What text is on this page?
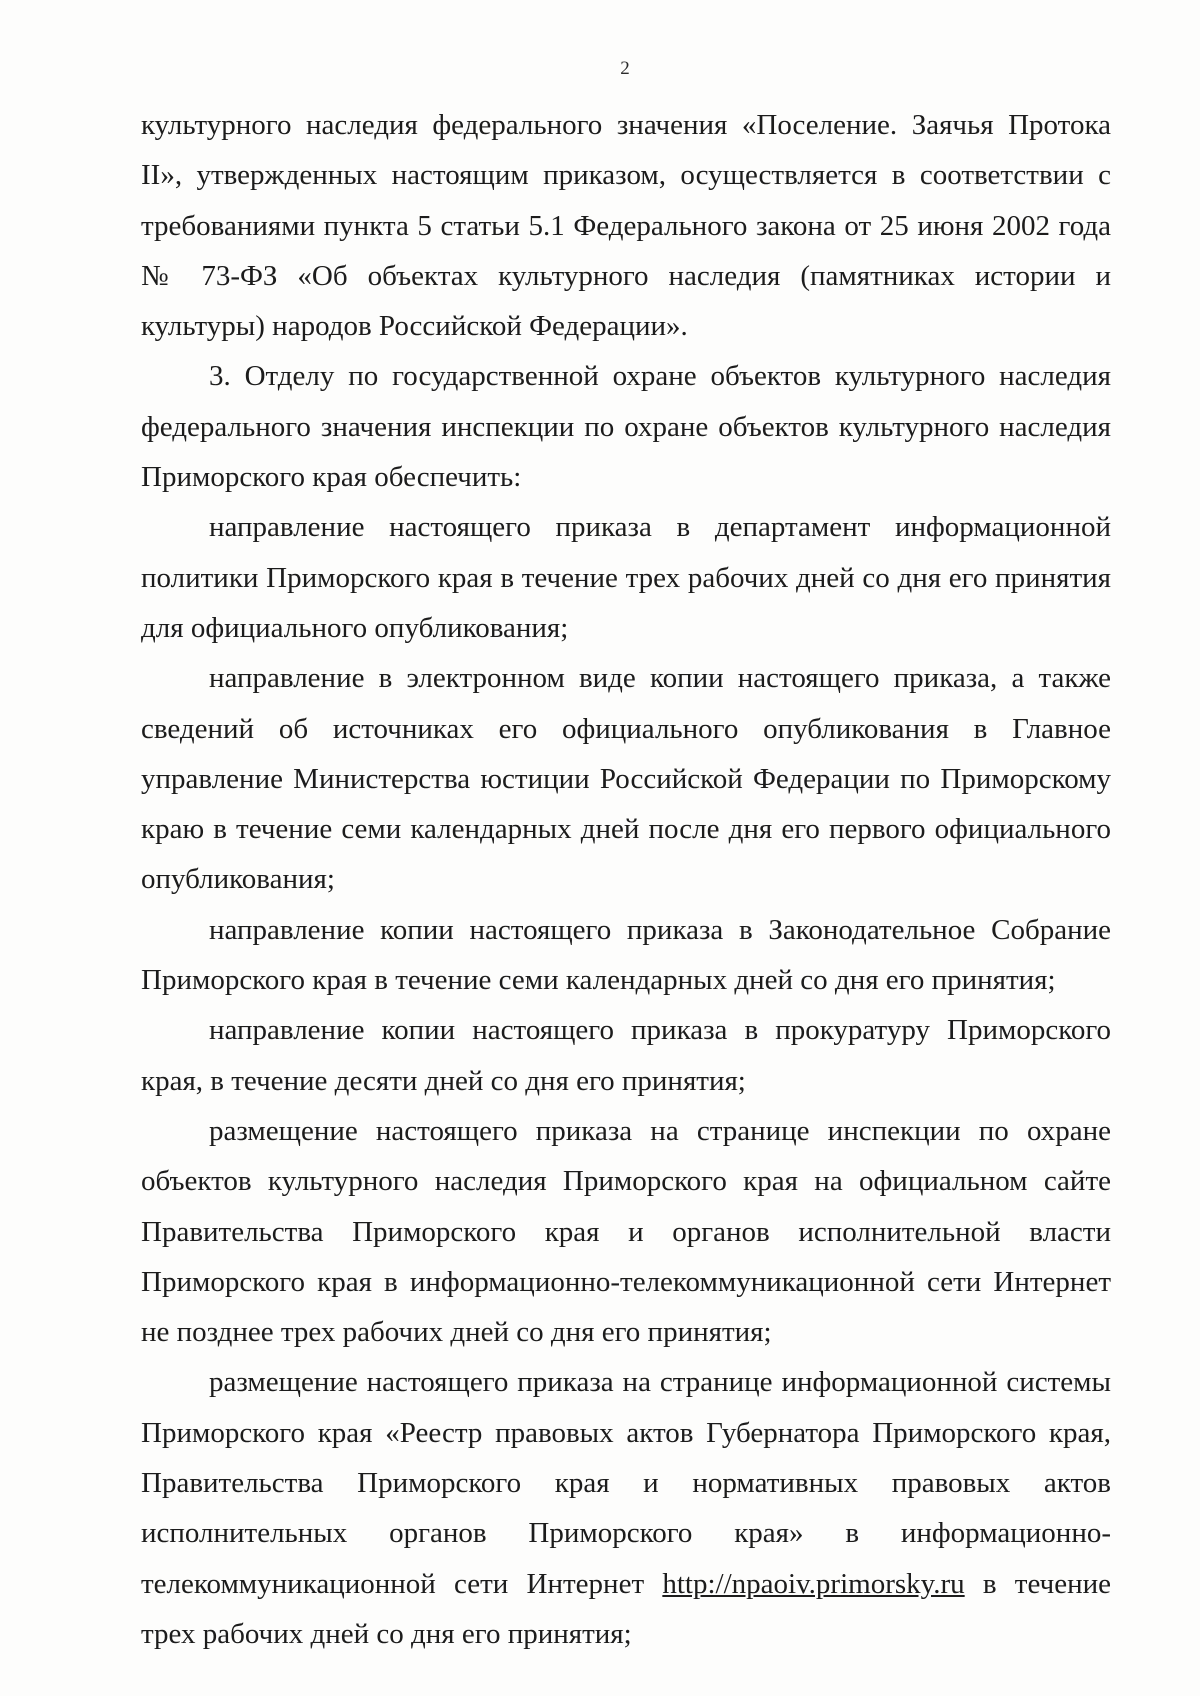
2

культурного наследия федерального значения «Поселение. Заячья Протока II», утвержденных настоящим приказом, осуществляется в соответствии с требованиями пункта 5 статьи 5.1 Федерального закона от 25 июня 2002 года № 73-ФЗ «Об объектах культурного наследия (памятниках истории и культуры) народов Российской Федерации».

3. Отделу по государственной охране объектов культурного наследия федерального значения инспекции по охране объектов культурного наследия Приморского края обеспечить:

направление настоящего приказа в департамент информационной политики Приморского края в течение трех рабочих дней со дня его принятия для официального опубликования;

направление в электронном виде копии настоящего приказа, а также сведений об источниках его официального опубликования в Главное управление Министерства юстиции Российской Федерации по Приморскому краю в течение семи календарных дней после дня его первого официального опубликования;

направление копии настоящего приказа в Законодательное Собрание Приморского края в течение семи календарных дней со дня его принятия;

направление копии настоящего приказа в прокуратуру Приморского края, в течение десяти дней со дня его принятия;

размещение настоящего приказа на странице инспекции по охране объектов культурного наследия Приморского края на официальном сайте Правительства Приморского края и органов исполнительной власти Приморского края в информационно-телекоммуникационной сети Интернет не позднее трех рабочих дней со дня его принятия;

размещение настоящего приказа на странице информационной системы Приморского края «Реестр правовых актов Губернатора Приморского края, Правительства Приморского края и нормативных правовых актов исполнительных органов Приморского края» в информационно-телекоммуникационной сети Интернет http://npaoiv.primorsky.ru в течение трех рабочих дней со дня его принятия;
